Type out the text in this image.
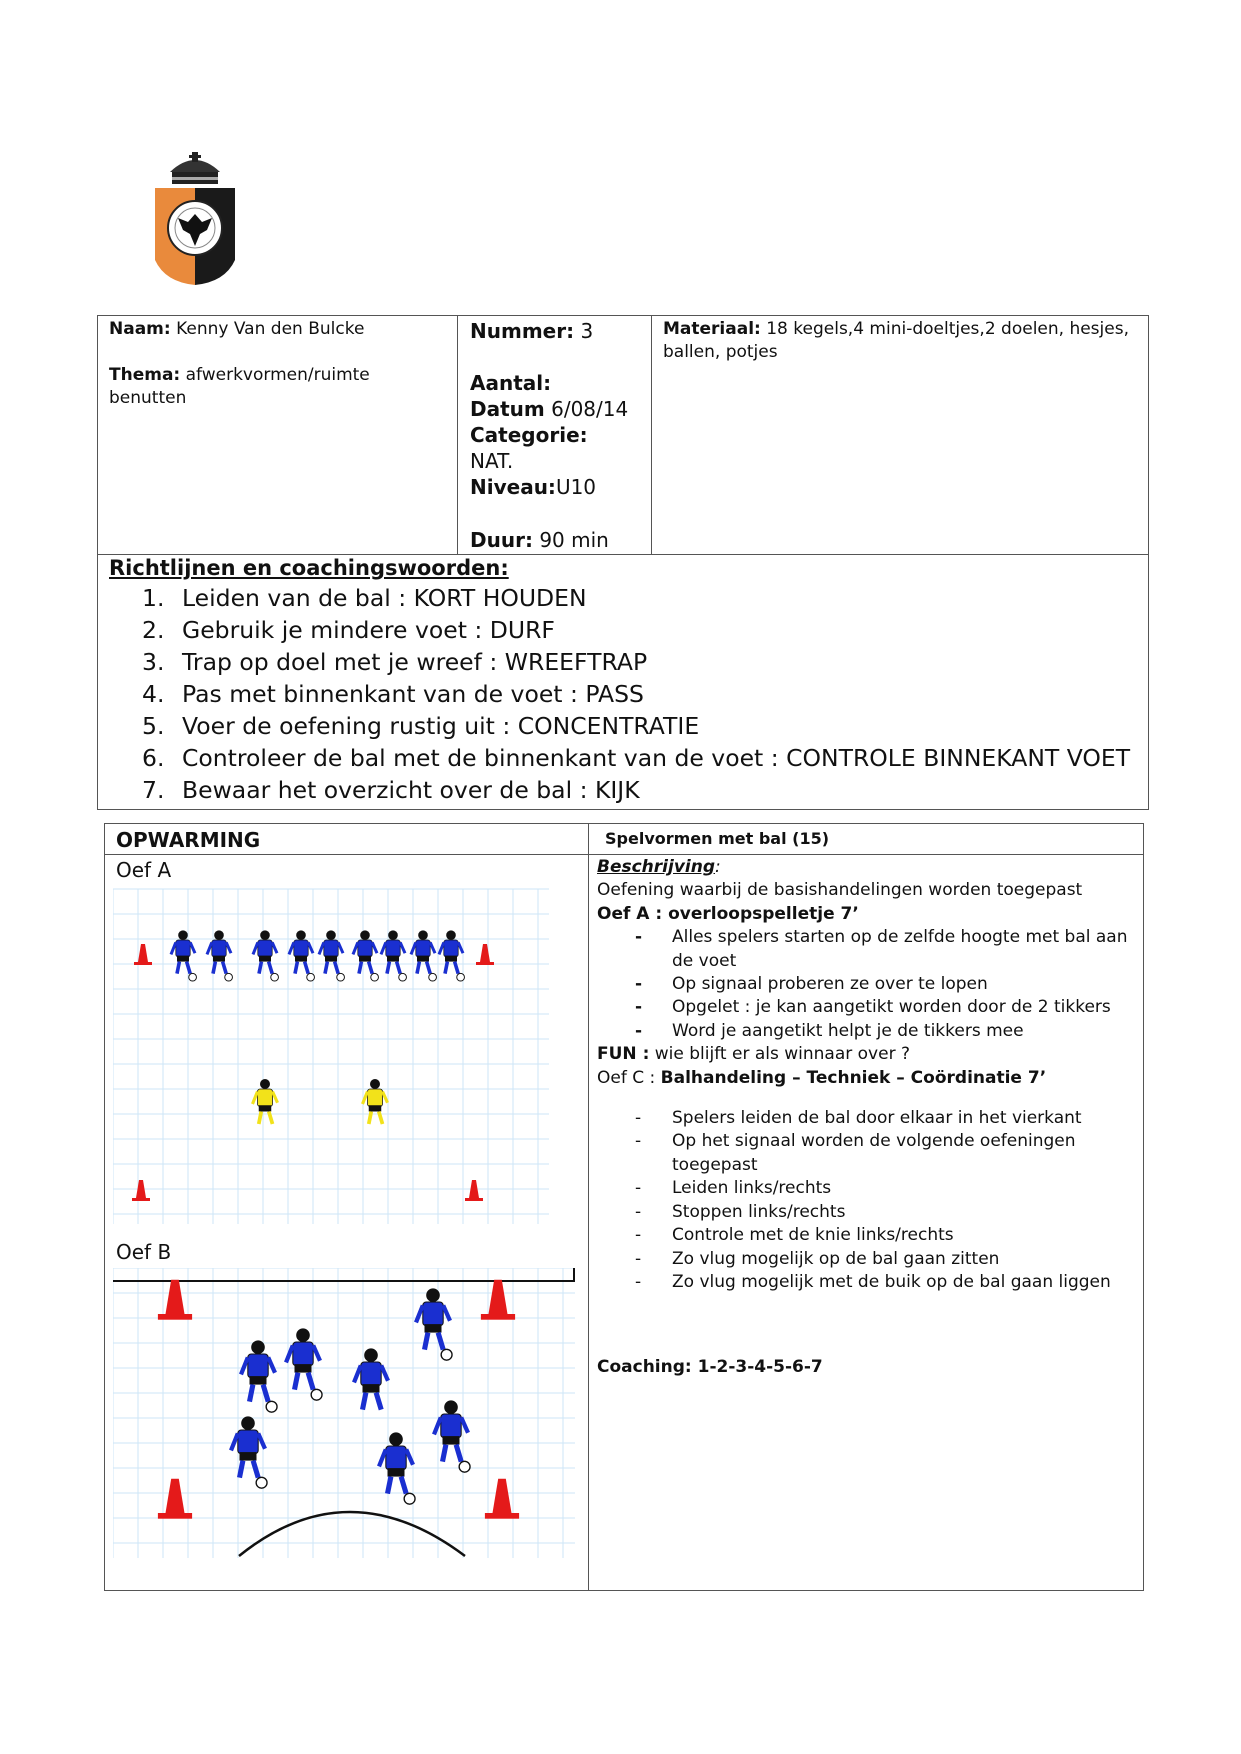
Naam: Kenny Van den Bulcke
Thema: afwerkvormen/ruimte benutten
Nummer: 3
Aantal:
Datum 6/08/14
Categorie:
NAT.
Niveau:U10
Duur: 90 min
Materiaal: 18 kegels,4 mini-doeltjes,2 doelen, hesjes, ballen, potjes
Richtlijnen en coachingswoorden:
1. Leiden van de bal : KORT HOUDEN
2. Gebruik je mindere voet : DURF
3. Trap op doel met je wreef : WREEFTRAP
4. Pas met binnenkant van de voet : PASS
5. Voer de oefening rustig uit : CONCENTRATIE
6. Controleer de bal met de binnenkant van de voet : CONTROLE BINNEKANT VOET
7. Bewaar het overzicht over de bal : KIJK
OPWARMING	Spelvormen met bal (15)
Oef A
Oef B
Beschrijving:
Oefening waarbij de basishandelingen worden toegepast
Oef A : overloopspelletje 7’
- Alles spelers starten op de zelfde hoogte met bal aan de voet
- Op signaal proberen ze over te lopen
- Opgelet : je kan aangetikt worden door de 2 tikkers
- Word je aangetikt helpt je de tikkers mee
FUN : wie blijft er als winnaar over ?
Oef C : Balhandeling – Techniek – Coördinatie 7’
- Spelers leiden de bal door elkaar in het vierkant
- Op het signaal worden de volgende oefeningen toegepast
- Leiden links/rechts
- Stoppen links/rechts
- Controle met de knie links/rechts
- Zo vlug mogelijk op de bal gaan zitten
- Zo vlug mogelijk met de buik op de bal gaan liggen
Coaching: 1-2-3-4-5-6-7
